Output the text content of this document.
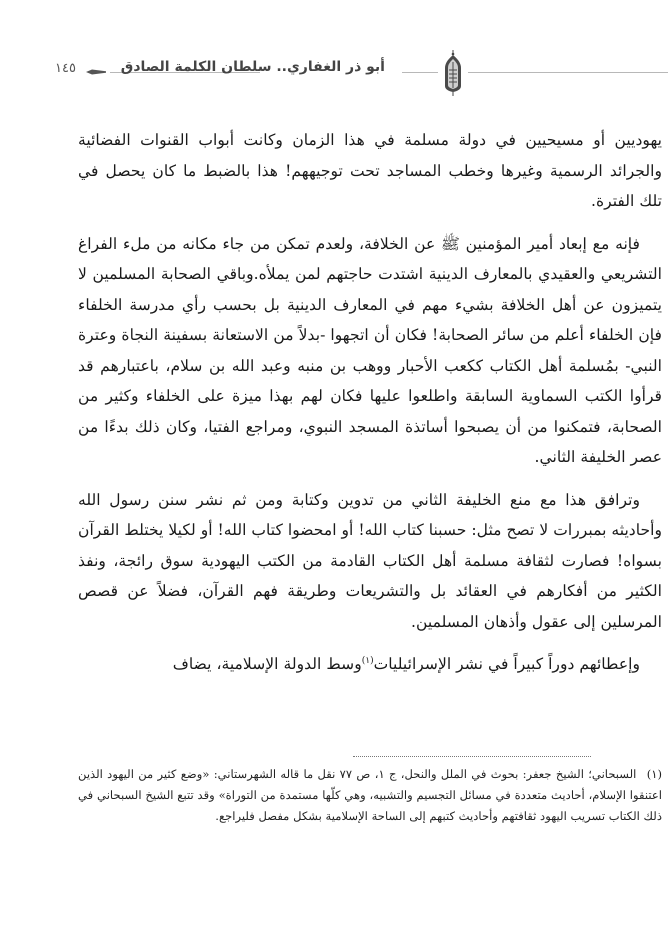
١٤٥	أبو ذر الغفاري.. سلطان الكلمة الصادق

يهوديين أو مسيحيين في دولة مسلمة في هذا الزمان وكانت أبواب القنوات الفضائية والجرائد الرسمية وغيرها وخطب المساجد تحت توجيههم! هذا بالضبط ما كان يحصل في تلك الفترة.

فإنه مع إبعاد أمير المؤمنين ﷺ عن الخلافة، ولعدم تمكن من جاء مكانه من ملء الفراغ التشريعي والعقيدي بالمعارف الدينية اشتدت حاجتهم لمن يملأه.وباقي الصحابة المسلمين لا يتميزون عن أهل الخلافة بشيء مهم في المعارف الدينية بل بحسب رأي مدرسة الخلفاء فإن الخلفاء أعلم من سائر الصحابة! فكان أن اتجهوا -بدلاً من الاستعانة بسفينة النجاة وعترة النبي- بمُسلمة أهل الكتاب ككعب الأحبار ووهب بن منبه وعبد الله بن سلام، باعتبارهم قد قرأوا الكتب السماوية السابقة واطلعوا عليها فكان لهم بهذا ميزة على الخلفاء وكثير من الصحابة، فتمكنوا من أن يصبحوا أساتذة المسجد النبوي، ومراجع الفتيا، وكان ذلك بدءًا من عصر الخليفة الثاني.

وترافق هذا مع منع الخليفة الثاني من تدوين وكتابة ومن ثم نشر سنن رسول الله وأحاديثه بمبررات لا تصح مثل: حسبنا كتاب الله! أو امحضوا كتاب الله! أو لكيلا يختلط القرآن بسواه! فصارت لثقافة مسلمة أهل الكتاب القادمة من الكتب اليهودية سوق رائجة، ونفذ الكثير من أفكارهم في العقائد بل والتشريعات وطريقة فهم القرآن، فضلاً عن قصص المرسلين إلى عقول وأذهان المسلمين.

وإعطائهم دوراً كبيراً في نشر الإسرائيليات$^{(١)}$وسط الدولة الإسلامية، يضاف

(١) السبحاني؛ الشيخ جعفر: بحوث في الملل والنحل، ج ١، ص ٧٧ نقل ما قاله الشهرستاني: «وضع كثير من اليهود الذين اعتنقوا الإسلام، أحاديث متعددة في مسائل التجسيم والتشبيه، وهي كلّها مستمدة من التوراة» وقد تتبع الشيخ السبحاني في ذلك الكتاب تسريب اليهود ثقافتهم وأحاديث كتبهم إلى الساحة الإسلامية بشكل مفصل فليراجع.
